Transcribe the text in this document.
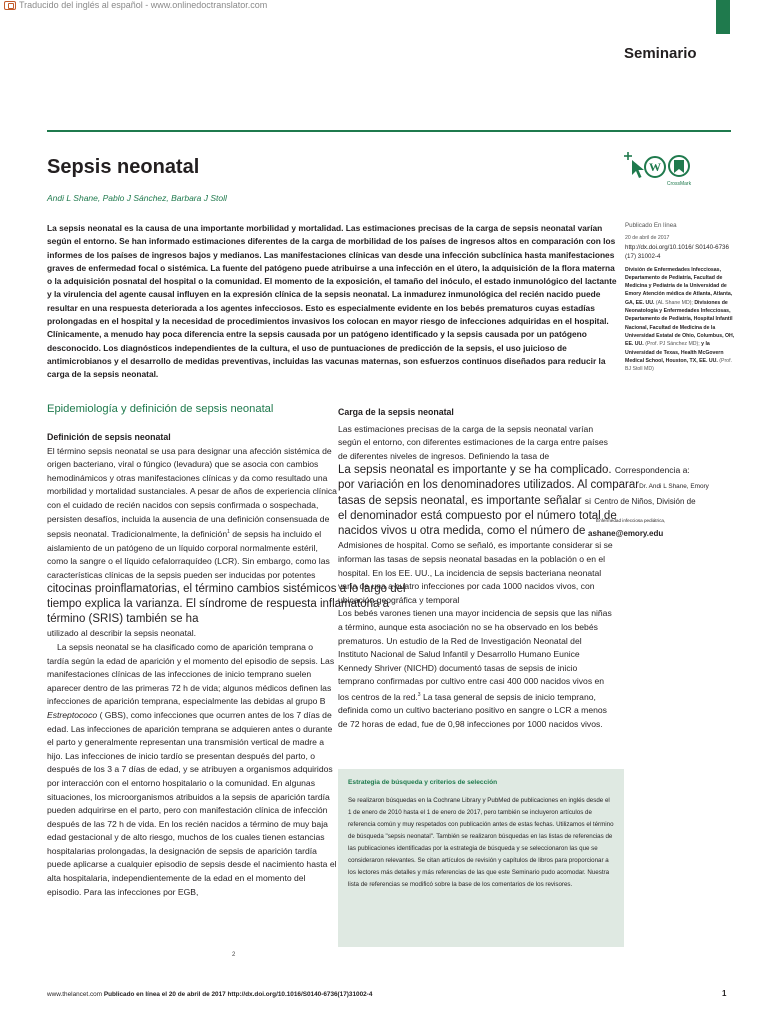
Traducido del inglés al español - www.onlinedoctranslator.com
Seminario
Sepsis neonatal
Andi L Shane, Pablo J Sánchez, Barbara J Stoll
W
CrossMark

La sepsis neonatal es la causa de una importante morbilidad y mortalidad. Las estimaciones precisas de la carga de sepsis neonatal varían según el entorno. Se han informado estimaciones diferentes de la carga de morbilidad de los países de ingresos altos en comparación con los informes de los países de ingresos bajos y medianos. Las manifestaciones clínicas van desde una infección subclínica hasta manifestaciones graves de enfermedad focal o sistémica. La fuente del patógeno puede atribuirse a una infección en el útero, la adquisición de la flora materna o la adquisición posnatal del hospital o la comunidad. El momento de la exposición, el tamaño del inóculo, el estado inmunológico del lactante y la virulencia del agente causal influyen en la expresión clínica de la sepsis neonatal. La inmadurez inmunológica del recién nacido puede resultar en una respuesta deteriorada a los agentes infecciosos. Esto es especialmente evidente en los bebés prematuros cuyas estadías prolongadas en el hospital y la necesidad de procedimientos invasivos los colocan en mayor riesgo de infecciones adquiridas en el hospital. Clínicamente, a menudo hay poca diferencia entre la sepsis causada por un patógeno identificado y la sepsis causada por un patógeno desconocido. Los diagnósticos independientes de la cultura, el uso de puntuaciones de predicción de la sepsis, el uso juicioso de antimicrobianos y el desarrollo de medidas preventivas, incluidas las vacunas maternas, son esfuerzos continuos diseñados para reducir la carga de la sepsis neonatal.

Publicado En línea
20 de abril de 2017
http://dx.doi.org/10.1016/ S0140-6736 (17) 31002-4
División de Enfermedades Infecciosas, Departamento de Pediatría, Facultad de Medicina y Pediatría de la Universidad de Emory Atención médica de Atlanta, Atlanta, GA, EE. UU. (AL Shane MD); Divisiones de Neonatología y Enfermedades Infecciosas, Departamento de Pediatría, Hospital Infantil Nacional, Facultad de Medicina de la Universidad Estatal de Ohio, Columbus, OH, EE. UU. (Prof. PJ Sánchez MD); y la Universidad de Texas, Health McGovern Medical School, Houston, TX, EE. UU. (Prof. BJ Stoll MD)
Epidemiología y definición de sepsis neonatal
Definición de sepsis neonatal

El término sepsis neonatal se usa para designar una afección sistémica de origen bacteriano, viral o fúngico (levadura) que se asocia con cambios hemodinámicos y otras manifestaciones clínicas y da como resultado una morbilidad y mortalidad sustanciales. A pesar de años de experiencia clínica con el cuidado de recién nacidos con sepsis confirmada o sospechada, persisten desafíos, incluida la ausencia de una definición consensuada de sepsis neonatal. Tradicionalmente, la definición$^1$ de sepsis ha incluido el aislamiento de un patógeno de un líquido corporal normalmente estéril, como la sangre o el líquido cefalorraquídeo (LCR). Sin embargo, como las características clínicas de la sepsis pueden ser inducidas por potentes

citocinas proinflamatorias, el término cambios sistémicos a lo largo del tiempo explica la varianza. El síndrome de respuesta inflamatoria a término (SRIS) también se ha

utilizado al describir la sepsis neonatal.

La sepsis neonatal se ha clasificado como de aparición temprana o tardía según la edad de aparición y el momento del episodio de sepsis. Las manifestaciones clínicas de las infecciones de inicio temprano suelen aparecer dentro de las primeras 72 h de vida; algunos médicos definen las infecciones de aparición temprana, especialmente las debidas al grupo B Estreptococo ( GBS), como infecciones que ocurren antes de los 7 días de edad. Las infecciones de aparición temprana se adquieren antes o durante el parto y generalmente representan una transmisión vertical de madre a hijo. Las infecciones de inicio tardío se presentan después del parto, o después de los 3 a 7 días de edad, y se atribuyen a organismos adquiridos por interacción con el entorno hospitalario o la comunidad. En algunas situaciones, los microorganismos atribuidos a la sepsis de aparición tardía pueden adquirirse en el parto, pero con manifestación clínica de infección después de las 72 h de vida. En los recién nacidos a término de muy baja edad gestacional y de alto riesgo, muchos de los cuales tienen estancias hospitalarias prolongadas, la designación de sepsis de aparición tardía puede aplicarse a cualquier episodio de sepsis desde el nacimiento hasta el alta hospitalaria, independientemente de la edad en el momento del episodio. Para las infecciones por EGB,

Carga de la sepsis neonatal

Las estimaciones precisas de la carga de la sepsis neonatal varían según el entorno, con diferentes estimaciones de la carga entre países de diferentes niveles de ingresos. Definiendo la tasa de

La sepsis neonatal es importante y se ha complicado. Correspondencia a:
por variación en los denominadores utilizados. Al compararDr. Andi L Shane, Emory
tasas de sepsis neonatal, es importante señalar si Centro de Niños, División de
el denominador está compuesto por el número total de nacidos vivos u otra medida, como el número de
Enfermedad infecciosa pediátrica,
ashane@emory.edu

Admisiones de hospital. Como se señaló, es importante considerar si se informan las tasas de sepsis neonatal basadas en la población o en el hospital. En los EE. UU., La incidencia de sepsis bacteriana neonatal varía de una a cuatro infecciones por cada 1000 nacidos vivos, con ubicación geográfica y temporal

Los bebés varones tienen una mayor incidencia de sepsis que las niñas a término, aunque esta asociación no se ha observado en los bebés prematuros. Un estudio de la Red de Investigación Neonatal del Instituto Nacional de Salud Infantil y Desarrollo Humano Eunice Kennedy Shriver (NICHD) documentó tasas de sepsis de inicio temprano confirmadas por cultivo entre casi 400 000 nacidos vivos en los centros de la red.$^3$ La tasa general de sepsis de inicio temprano, definida como un cultivo bacteriano positivo en sangre o LCR a menos de 72 horas de edad, fue de 0,98 infecciones por 1000 nacidos vivos.

Estrategia de búsqueda y criterios de selección

Se realizaron búsquedas en la Cochrane Library y PubMed de publicaciones en inglés desde el 1 de enero de 2010 hasta el 1 de enero de 2017, pero también se incluyeron artículos de referencia común y muy respetados con publicación antes de estas fechas. Utilizamos el término de búsqueda "sepsis neonatal". También se realizaron búsquedas en las listas de referencias de las publicaciones identificadas por la estrategia de búsqueda y se seleccionaron las que se consideraron relevantes. Se citan artículos de revisión y capítulos de libros para proporcionar a los lectores más detalles y más referencias de las que este Seminario pudo acomodar. Nuestra lista de referencias se modificó sobre la base de los comentarios de los revisores.

2
www.thelancet.com Publicado en línea el 20 de abril de 2017 http://dx.doi.org/10.1016/S0140-6736(17)31002-4	1
